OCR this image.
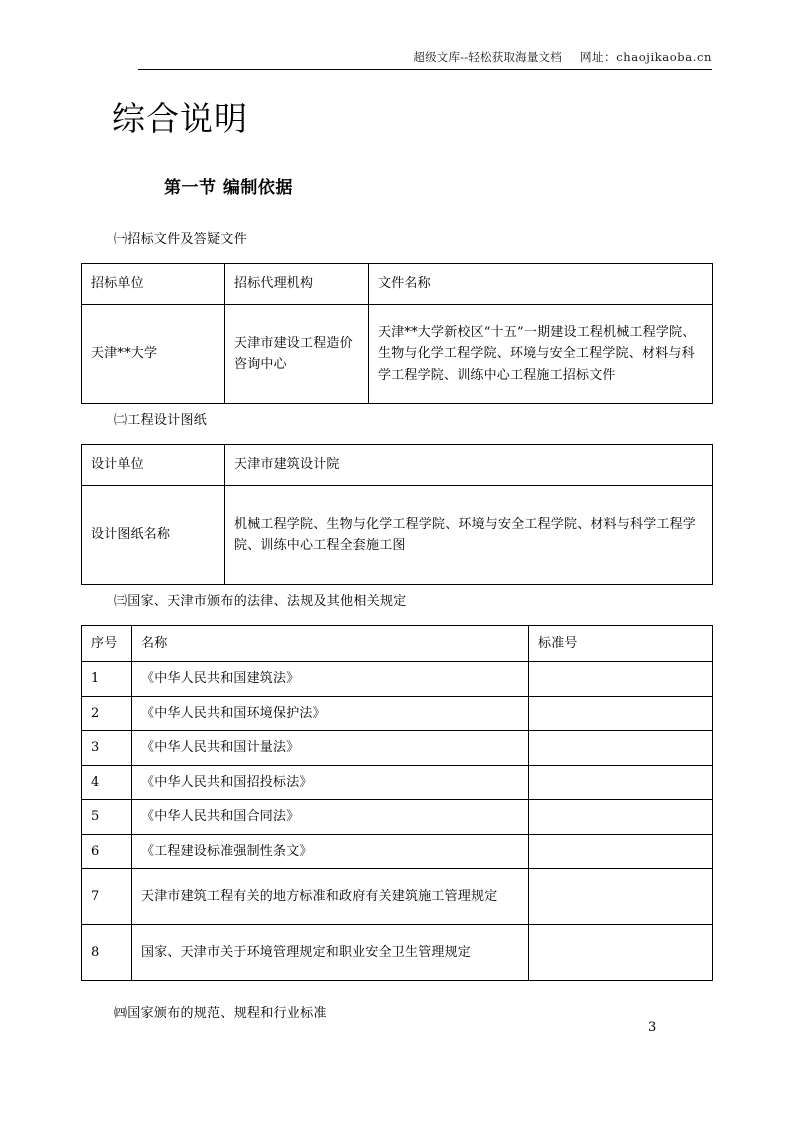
超级文库--轻松获取海量文档 网址：chaojikaoba.cn
综合说明
第一节 编制依据

㈠招标文件及答疑文件

招标单位	招标代理机构	文件名称
天津**大学	天津市建设工程造价咨询中心	天津**大学新校区“十五”一期建设工程机械工程学院、生物与化学工程学院、环境与安全工程学院、材料与科学工程学院、训练中心工程施工招标文件

㈡工程设计图纸

设计单位	天津市建筑设计院
设计图纸名称	机械工程学院、生物与化学工程学院、环境与安全工程学院、材料与科学工程学院、训练中心工程全套施工图

㈢国家、天津市颁布的法律、法规及其他相关规定

序号	名称	标准号
1	《中华人民共和国建筑法》	
2	《中华人民共和国环境保护法》	
3	《中华人民共和国计量法》	
4	《中华人民共和国招投标法》	
5	《中华人民共和国合同法》	
6	《工程建设标准强制性条文》	
7	天津市建筑工程有关的地方标准和政府有关建筑施工管理规定	
8	国家、天津市关于环境管理规定和职业安全卫生管理规定	

㈣国家颁布的规范、规程和行业标准

3
